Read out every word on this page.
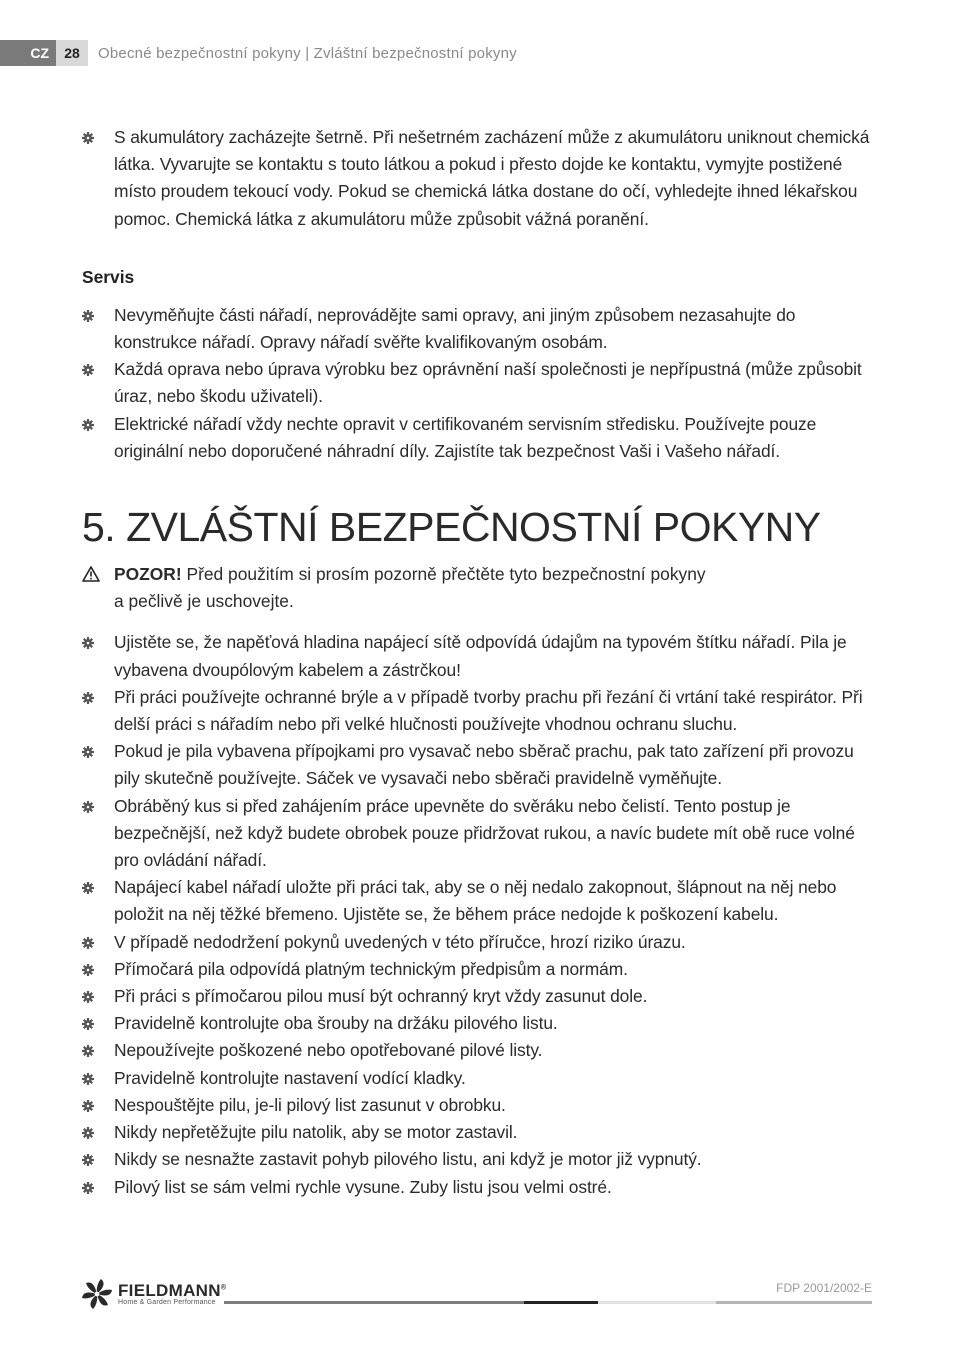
CZ	28	Obecné bezpečnostní pokyny | Zvláštní bezpečnostní pokyny
S akumulátory zacházejte šetrně. Při nešetrném zacházení může z akumulátoru uniknout chemická látka. Vyvarujte se kontaktu s touto látkou a pokud i přesto dojde ke kontaktu, vymyjte postižené místo proudem tekoucí vody. Pokud se chemická látka dostane do očí, vyhledejte ihned lékařskou pomoc. Chemická látka z akumulátoru může způsobit vážná poranění.
Servis
Nevyměňujte části nářadí, neprovádějte sami opravy, ani jiným způsobem nezasahujte do konstrukce nářadí. Opravy nářadí svěřte kvalifikovaným osobám.
Každá oprava nebo úprava výrobku bez oprávnění naší společnosti je nepřípustná (může způsobit úraz, nebo škodu uživateli).
Elektrické nářadí vždy nechte opravit v certifikovaném servisním středisku. Používejte pouze originální nebo doporučené náhradní díly. Zajistíte tak bezpečnost Vaši i Vašeho nářadí.
5. ZVLÁŠTNÍ BEZPEČNOSTNÍ POKYNY
POZOR! Před použitím si prosím pozorně přečtěte tyto bezpečnostní pokyny
a pečlivě je uschovejte.
Ujistěte se, že napěťová hladina napájecí sítě odpovídá údajům na typovém štítku nářadí. Pila je vybavena dvoupólovým kabelem a zástrčkou!
Při práci používejte ochranné brýle a v případě tvorby prachu při řezání či vrtání také respirátor. Při delší práci s nářadím nebo při velké hlučnosti používejte vhodnou ochranu sluchu.
Pokud je pila vybavena přípojkami pro vysavač nebo sběrač prachu, pak tato zařízení při provozu pily skutečně používejte. Sáček ve vysavači nebo sběrači pravidelně vyměňujte.
Obráběný kus si před zahájením práce upevněte do svěráku nebo čelistí. Tento postup je bezpečnější, než když budete obrobek pouze přidržovat rukou, a navíc budete mít obě ruce volné pro ovládání nářadí.
Napájecí kabel nářadí uložte při práci tak, aby se o něj nedalo zakopnout, šlápnout na něj nebo položit na něj těžké břemeno. Ujistěte se, že během práce nedojde k poškození kabelu.
V případě nedodržení pokynů uvedených v této příručce, hrozí riziko úrazu.
Přímočará pila odpovídá platným technickým předpisům a normám.
Při práci s přímočarou pilou musí být ochranný kryt vždy zasunut dole.
Pravidelně kontrolujte oba šrouby na držáku pilového listu.
Nepoužívejte poškozené nebo opotřebované pilové listy.
Pravidelně kontrolujte nastavení vodící kladky.
Nespouštějte pilu, je-li pilový list zasunut v obrobku.
Nikdy nepřetěžujte pilu natolik, aby se motor zastavil.
Nikdy se nesnažte zastavit pohyb pilového listu, ani když je motor již vypnutý.
Pilový list se sám velmi rychle vysune. Zuby listu jsou velmi ostré.
FIELDMANN®
Home & Garden Performance
FDP 2001/2002-E
